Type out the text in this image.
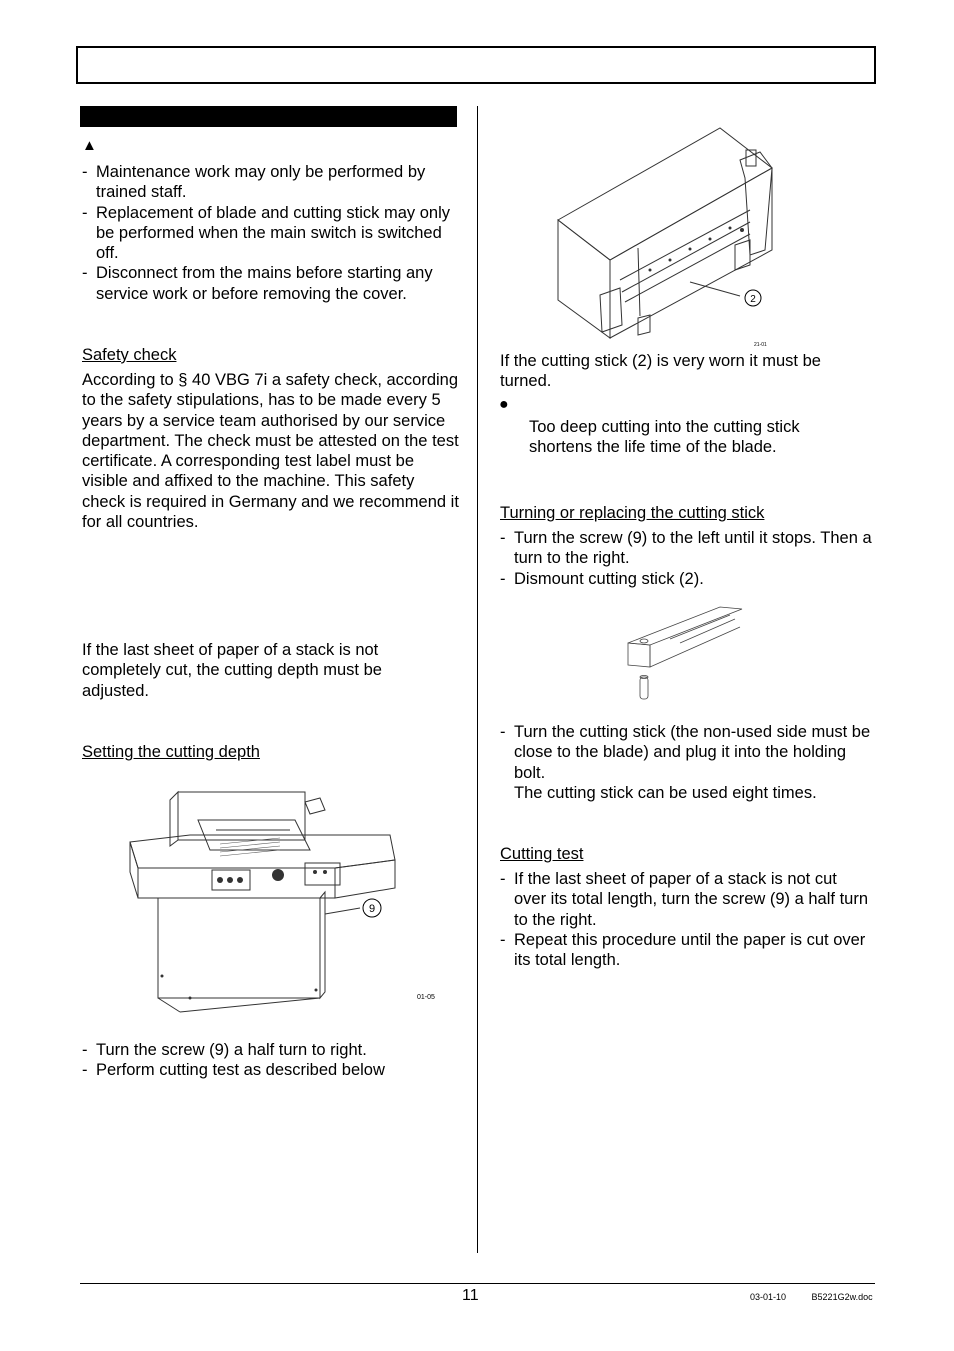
▲
- Maintenance work may only be performed by trained staff.
- Replacement of blade and cutting stick may only be performed when the main switch is switched off.
- Disconnect from the mains before starting any service work or before removing the cover.
Safety check
According to § 40 VBG 7i a safety check, according to the safety stipulations, has to be made every 5 years by a service team authorised by our service department. The check must be attested on the test certificate. A corresponding test label must be visible and affixed to the machine. This safety check is required in Germany and we recommend it for all countries.
If the last sheet of paper of a stack is not completely cut, the cutting depth must be adjusted.
Setting the cutting depth
9
01-05
- Turn the screw (9) a half turn to right.
- Perform cutting test as described below
2
21-01
If the cutting stick (2) is very worn it must be turned.
●
Too deep cutting into the cutting stick shortens the life time of the blade.
Turning or replacing the cutting stick
- Turn the screw (9) to the left until it stops. Then a turn to the right.
- Dismount cutting stick (2).
- Turn the cutting stick (the non-used side must be close to the blade) and plug it into the holding bolt.
The cutting stick can be used eight times.
Cutting test
- If the last sheet of paper of a stack is not cut over its total length, turn the screw (9) a half turn to the right.
- Repeat this procedure until the paper is cut over its total length.
11	03-01-10	B5221G2w.doc
